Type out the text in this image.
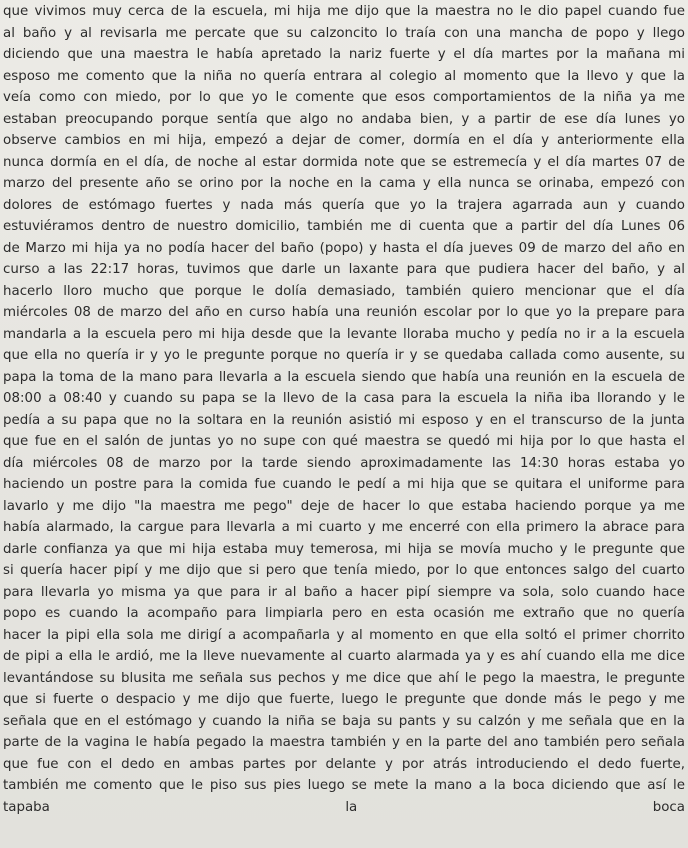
que vivimos muy cerca de la escuela, mi hija me dijo que la maestra no le dio papel cuando fue
al baño y al revisarla me percate que su calzoncito lo traía con una mancha de popo y llego
diciendo que una maestra le había apretado la nariz fuerte y el día martes por la mañana mi
esposo me comento que la niña no quería entrara al colegio al momento que la llevo y que la
veía como con miedo, por lo que yo le comente que esos comportamientos de la niña ya me
estaban preocupando porque sentía que algo no andaba bien, y a partir de ese día lunes yo
observe cambios en mi hija, empezó a dejar de comer, dormía en el día y anteriormente ella
nunca dormía en el día, de noche al estar dormida note que se estremecía y el día martes 07 de
marzo del presente año se orino por la noche en la cama y ella nunca se orinaba, empezó con
dolores de estómago fuertes y nada más quería que yo la trajera agarrada aun y cuando
estuviéramos dentro de nuestro domicilio, también me di cuenta que a partir del día Lunes 06
de Marzo mi hija ya no podía hacer del baño (popo) y hasta el día jueves 09 de marzo del año en
curso a las 22:17 horas, tuvimos que darle un laxante para que pudiera hacer del baño, y al
hacerlo lloro mucho que porque le dolía demasiado, también quiero mencionar que el día
miércoles 08 de marzo del año en curso había una reunión escolar por lo que yo la prepare para
mandarla a la escuela pero mi hija desde que la levante lloraba mucho y pedía no ir a la escuela
que ella no quería ir y yo le pregunte porque no quería ir y se quedaba callada como ausente, su
papa la toma de la mano para llevarla a la escuela siendo que había una reunión en la escuela de
08:00 a 08:40 y cuando su papa se la llevo de la casa para la escuela la niña iba llorando y le
pedía a su papa que no la soltara en la reunión asistió mi esposo y en el transcurso de la junta
que fue en el salón de juntas yo no supe con qué maestra se quedó mi hija por lo que hasta el
día miércoles 08 de marzo por la tarde siendo aproximadamente las 14:30 horas estaba yo
haciendo un postre para la comida fue cuando le pedí a mi hija que se quitara el uniforme para
lavarlo y me dijo "la maestra me pego" deje de hacer lo que estaba haciendo porque ya me
había alarmado, la cargue para llevarla a mi cuarto y me encerré con ella primero la abrace para
darle confianza ya que mi hija estaba muy temerosa, mi hija se movía mucho y le pregunte que
si quería hacer pipí y me dijo que si pero que tenía miedo, por lo que entonces salgo del cuarto
para llevarla yo misma ya que para ir al baño a hacer pipí siempre va sola, solo cuando hace
popo es cuando la acompaño para limpiarla pero en esta ocasión me extraño que no quería
hacer la pipi ella sola me dirigí a acompañarla y al momento en que ella soltó el primer chorrito
de pipi a ella le ardió, me la lleve nuevamente al cuarto alarmada ya y es ahí cuando ella me dice
levantándose su blusita me señala sus pechos y me dice que ahí le pego la maestra, le pregunte
que si fuerte o despacio y me dijo que fuerte, luego le pregunte que donde más le pego y me
señala que en el estómago y cuando la niña se baja su pants y su calzón y me señala que en la
parte de la vagina le había pegado la maestra también y en la parte del ano también pero señala
que fue con el dedo en ambas partes por delante y por atrás introduciendo el dedo fuerte,
también me comento que le piso sus pies luego se mete la mano a la boca diciendo que así le
tapaba la boca
